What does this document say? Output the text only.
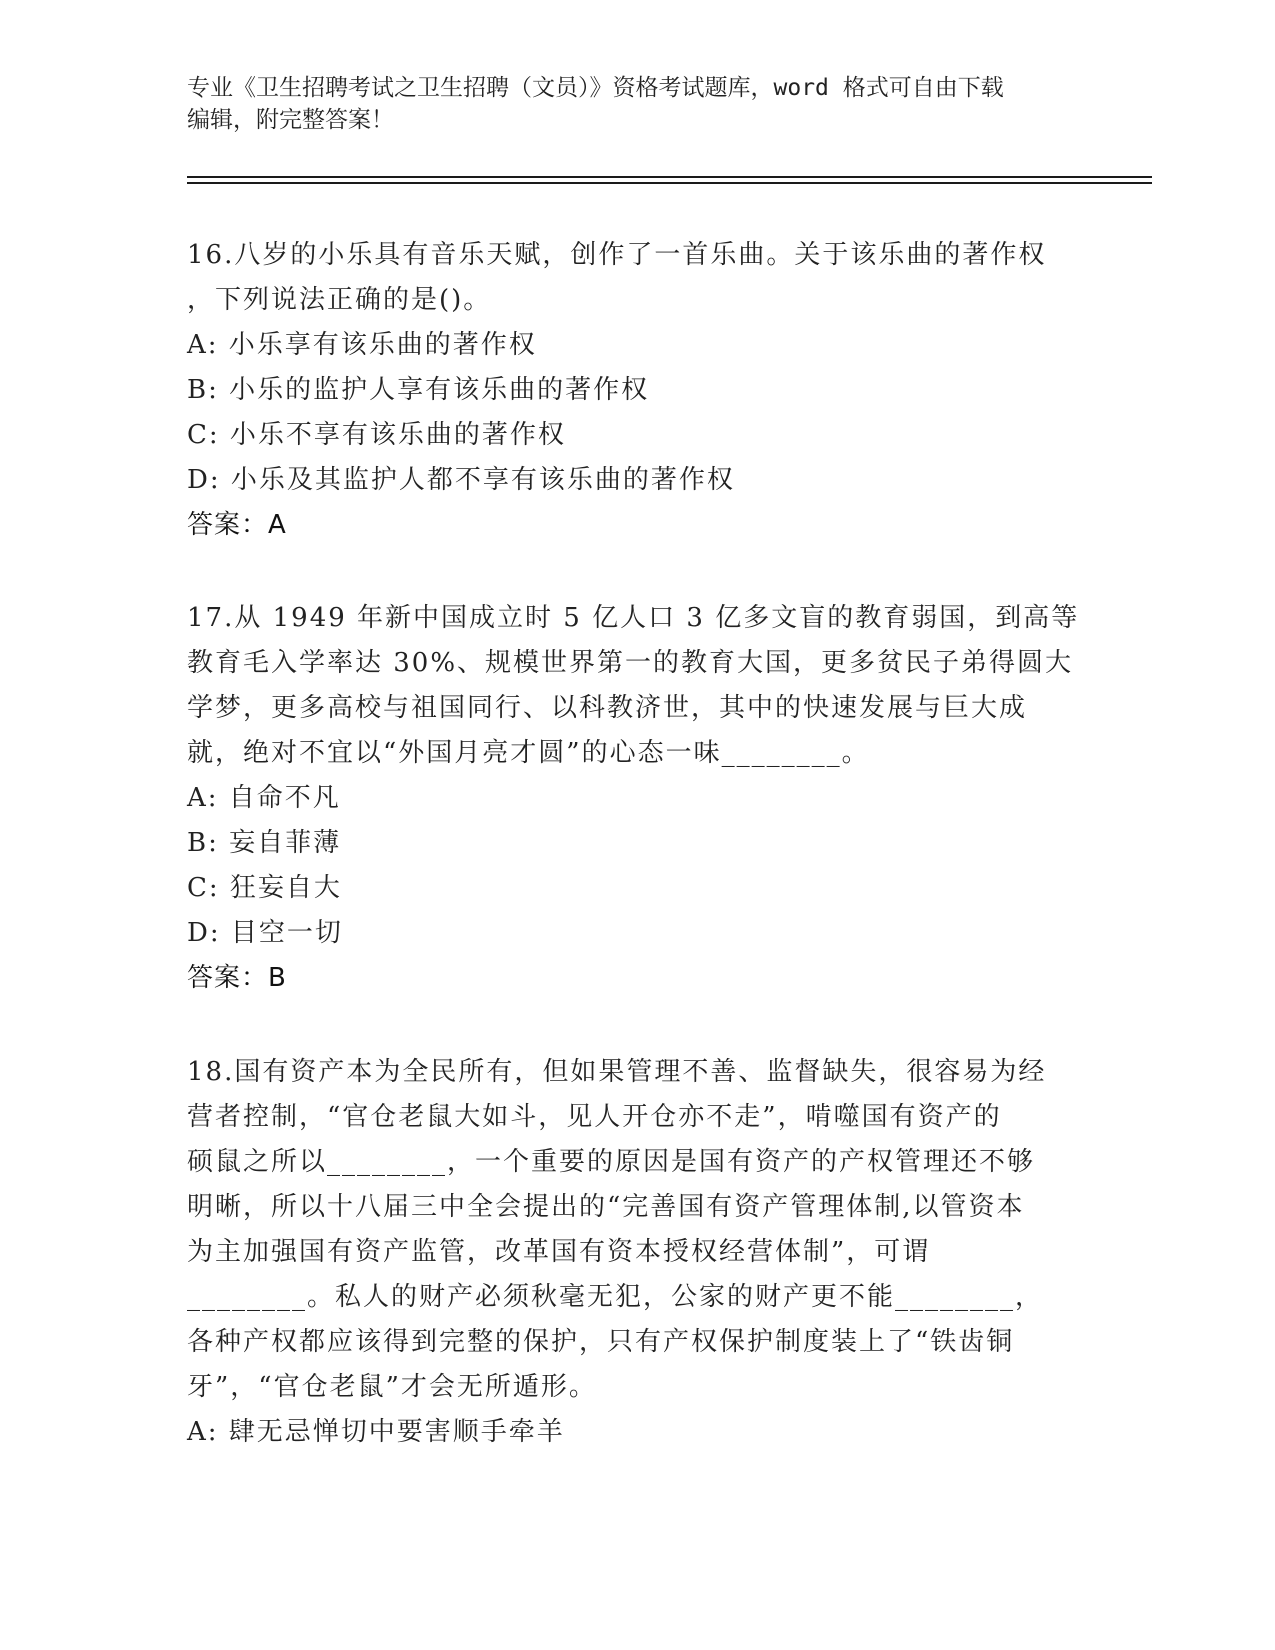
专业《卫生招聘考试之卫生招聘（文员）》资格考试题库，word 格式可自由下载
编辑，附完整答案！
16.八岁的小乐具有音乐天赋，创作了一首乐曲。关于该乐曲的著作权
，下列说法正确的是()。
A: 小乐享有该乐曲的著作权
B: 小乐的监护人享有该乐曲的著作权
C: 小乐不享有该乐曲的著作权
D: 小乐及其监护人都不享有该乐曲的著作权
答案：A
17.从 1949 年新中国成立时 5 亿人口 3 亿多文盲的教育弱国，到高等
教育毛入学率达 30%、规模世界第一的教育大国，更多贫民子弟得圆大
学梦，更多高校与祖国同行、以科教济世，其中的快速发展与巨大成
就，绝对不宜以“外国月亮才圆”的心态一味________。
A: 自命不凡
B: 妄自菲薄
C: 狂妄自大
D: 目空一切
答案：B
18.国有资产本为全民所有，但如果管理不善、监督缺失，很容易为经
营者控制，“官仓老鼠大如斗，见人开仓亦不走”，啃噬国有资产的
硕鼠之所以________，一个重要的原因是国有资产的产权管理还不够
明晰，所以十八届三中全会提出的“完善国有资产管理体制,以管资本
为主加强国有资产监管，改革国有资本授权经营体制”，可谓
________。私人的财产必须秋毫无犯，公家的财产更不能________，
各种产权都应该得到完整的保护，只有产权保护制度装上了“铁齿铜
牙”，“官仓老鼠”才会无所遁形。
A: 肆无忌惮切中要害顺手牵羊
